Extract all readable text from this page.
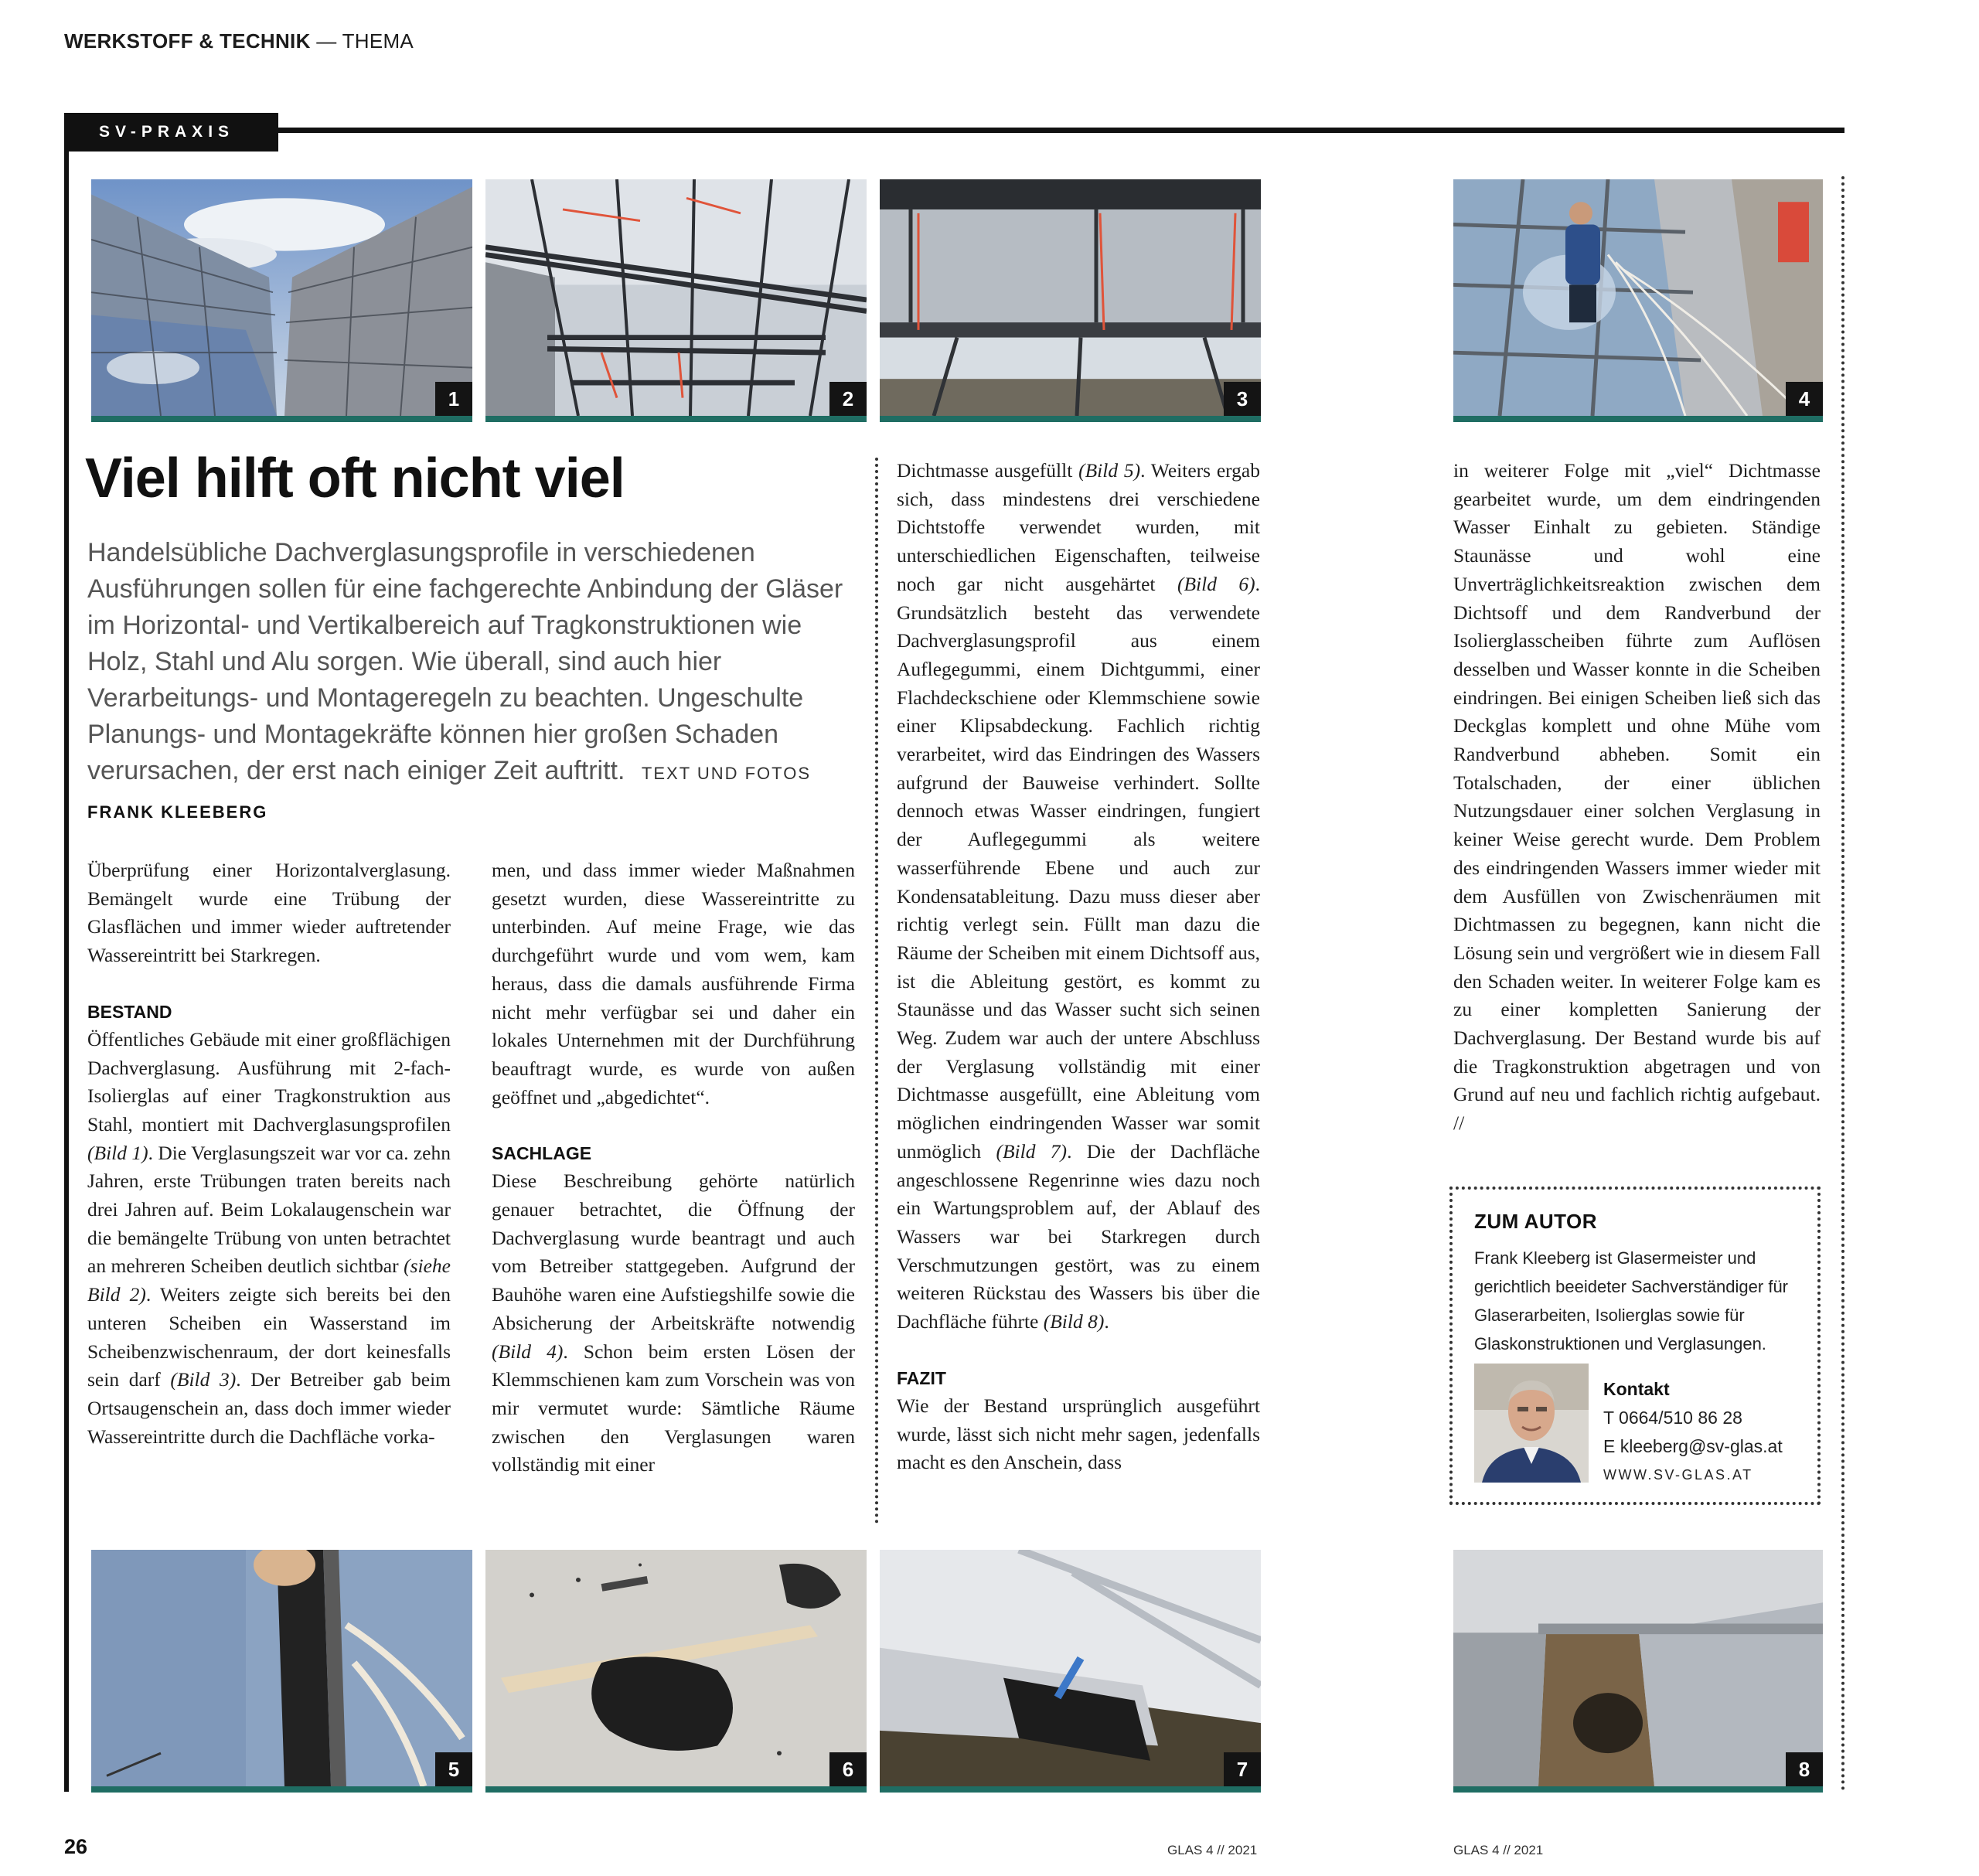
WERKSTOFF & TECHNIK — THEMA
SV-PRAXIS
1	2	3	4
Viel hilft oft nicht viel
Handelsübliche Dachverglasungsprofile in verschiedenen Ausführungen sollen für eine fachgerechte Anbindung der Gläser im Horizontal- und Vertikalbereich auf Tragkonstruktionen wie Holz, Stahl und Alu sorgen. Wie überall, sind auch hier Verarbeitungs- und Montageregeln zu beachten. Ungeschulte Planungs- und Montagekräfte können hier großen Schaden verursachen, der erst nach einiger Zeit auftritt. TEXT UND FOTOS FRANK KLEEBERG

Überprüfung einer Horizontalverglasung. Bemängelt wurde eine Trübung der Glasflächen und immer wieder auftretender Wassereintritt bei Starkregen.

BESTAND

Öffentliches Gebäude mit einer großflächigen Dachverglasung. Ausführung mit 2-fach-Isolierglas auf einer Tragkonstruktion aus Stahl, montiert mit Dachverglasungsprofilen (Bild 1). Die Verglasungszeit war vor ca. zehn Jahren, erste Trübungen traten bereits nach drei Jahren auf. Beim Lokalaugenschein war die bemängelte Trübung von unten betrachtet an mehreren Scheiben deutlich sichtbar (siehe Bild 2). Weiters zeigte sich bereits bei den unteren Scheiben ein Wasserstand im Scheibenzwischenraum, der dort keinesfalls sein darf (Bild 3). Der Betreiber gab beim Ortsaugenschein an, dass doch immer wieder Wassereintritte durch die Dachfläche vorka-

men, und dass immer wieder Maßnahmen gesetzt wurden, diese Wassereintritte zu unterbinden. Auf meine Frage, wie das durchgeführt wurde und vom wem, kam heraus, dass die damals ausführende Firma nicht mehr verfügbar sei und daher ein lokales Unternehmen mit der Durchführung beauftragt wurde, es wurde von außen geöffnet und „abgedichtet“.

SACHLAGE

Diese Beschreibung gehörte natürlich genauer betrachtet, die Öffnung der Dachverglasung wurde beantragt und auch vom Betreiber stattgegeben. Aufgrund der Bauhöhe waren eine Aufstiegshilfe sowie die Absicherung der Arbeitskräfte notwendig (Bild 4). Schon beim ersten Lösen der Klemmschienen kam zum Vorschein was von mir vermutet wurde: Sämtliche Räume zwischen den Verglasungen waren vollständig mit einer

Dichtmasse ausgefüllt (Bild 5). Weiters ergab sich, dass mindestens drei verschiedene Dichtstoffe verwendet wurden, mit unterschiedlichen Eigenschaften, teilweise noch gar nicht ausgehärtet (Bild 6). Grundsätzlich besteht das verwendete Dachverglasungsprofil aus einem Auflegegummi, einem Dichtgummi, einer Flachdeckschiene oder Klemmschiene sowie einer Klipsabdeckung. Fachlich richtig verarbeitet, wird das Eindringen des Wassers aufgrund der Bauweise verhindert. Sollte dennoch etwas Wasser eindringen, fungiert der Auflegegummi als weitere wasserführende Ebene und auch zur Kondensatableitung. Dazu muss dieser aber richtig verlegt sein. Füllt man dazu die Räume der Scheiben mit einem Dichtsoff aus, ist die Ableitung gestört, es kommt zu Staunässe und das Wasser sucht sich seinen Weg. Zudem war auch der untere Abschluss der Verglasung vollständig mit einer Dichtmasse ausgefüllt, eine Ableitung vom möglichen eindringenden Wasser war somit unmöglich (Bild 7). Die der Dachfläche angeschlossene Regenrinne wies dazu noch ein Wartungsproblem auf, der Ablauf des Wassers war bei Starkregen durch Verschmutzungen gestört, was zu einem weiteren Rückstau des Wassers bis über die Dachfläche führte (Bild 8).

FAZIT

Wie der Bestand ursprünglich ausgeführt wurde, lässt sich nicht mehr sagen, jedenfalls macht es den Anschein, dass

in weiterer Folge mit „viel“ Dichtmasse gearbeitet wurde, um dem eindringenden Wasser Einhalt zu gebieten. Ständige Staunässe und wohl eine Unverträglichkeitsreaktion zwischen dem Dichtsoff und dem Randverbund der Isolierglasscheiben führte zum Auflösen desselben und Wasser konnte in die Scheiben eindringen. Bei einigen Scheiben ließ sich das Deckglas komplett und ohne Mühe vom Randverbund abheben. Somit ein Totalschaden, der einer üblichen Nutzungsdauer einer solchen Verglasung in keiner Weise gerecht wurde. Dem Problem des eindringenden Wassers immer wieder mit dem Ausfüllen von Zwischenräumen mit Dichtmassen zu begegnen, kann nicht die Lösung sein und vergrößert wie in diesem Fall den Schaden weiter. In weiterer Folge kam es zu einer kompletten Sanierung der Dachverglasung. Der Bestand wurde bis auf die Tragkonstruktion abgetragen und von Grund auf neu und fachlich richtig aufgebaut. //

ZUM AUTOR
Frank Kleeberg ist Glasermeister und gerichtlich beeideter Sachverständiger für Glaserarbeiten, Isolierglas sowie für Glaskonstruktionen und Verglasungen.
Kontakt
T 0664/510 86 28
E kleeberg@sv-glas.at
WWW.SV-GLAS.AT
5	6	7	8
26	GLAS 4 // 2021	GLAS 4 // 2021
